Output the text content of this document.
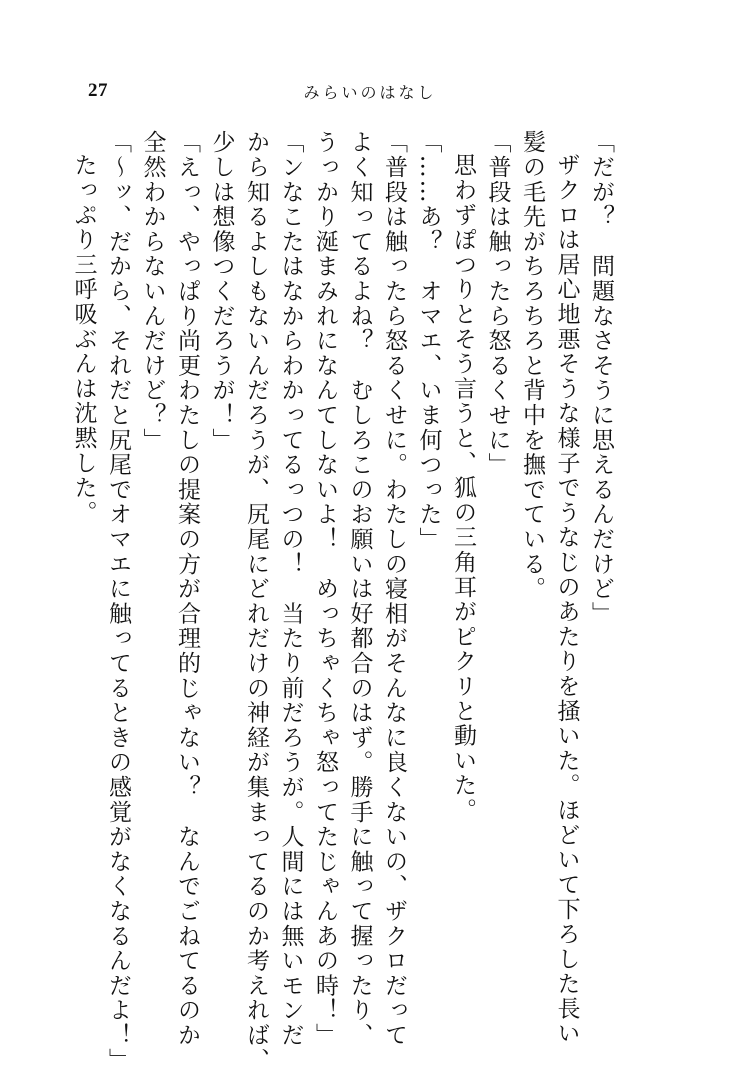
27	みらいのはなし
「だが？　問題なさそうに思えるんだけど」
ザクロは居心地悪そうな様子でうなじのあたりを掻いた。ほどいて下ろした長い
髪の毛先がちろちろと背中を撫でている。
「普段は触ったら怒るくせに」
思わずぽつりとそう言うと、狐の三角耳がピクリと動いた。
「……あ？　オマエ、いま何つった」
「普段は触ったら怒るくせに。わたしの寝相がそんなに良くないの、ザクロだって
よく知ってるよね？　むしろこのお願いは好都合のはず。勝手に触って握ったり、
うっかり涎まみれになんてしないよ！　めっちゃくちゃ怒ってたじゃんあの時！」
「ンなこたはなからわかってるっつの！　当たり前だろうが。人間には無いモンだ
から知るよしもないんだろうが、尻尾にどれだけの神経が集まってるのか考えれば、
少しは想像つくだろうが！」
「えっ、やっぱり尚更わたしの提案の方が合理的じゃない？　なんでごねてるのか
全然わからないんだけど？」
「～ッ、だから、それだと尻尾でオマエに触ってるときの感覚がなくなるんだよ！」
たっぷり三呼吸ぶんは沈黙した。
